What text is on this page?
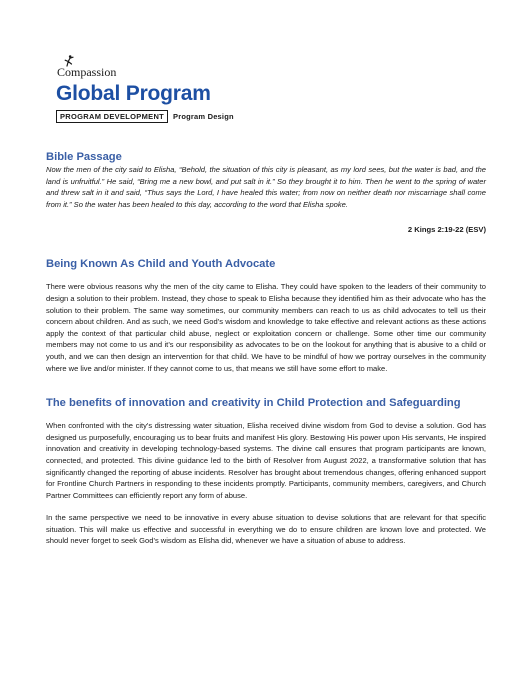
Compassion
Global Program
PROGRAM DEVELOPMENT	Program Design
Bible Passage

Now the men of the city said to Elisha, “Behold, the situation of this city is pleasant, as my lord sees, but the water is bad, and the land is unfruitful.” He said, “Bring me a new bowl, and put salt in it.” So they brought it to him. Then he went to the spring of water and threw salt in it and said, “Thus says the Lord, I have healed this water; from now on neither death nor miscarriage shall come from it.” So the water has been healed to this day, according to the word that Elisha spoke.

2 Kings 2:19-22 (ESV)

Being Known As Child and Youth Advocate

There were obvious reasons why the men of the city came to Elisha. They could have spoken to the leaders of their community to design a solution to their problem. Instead, they chose to speak to Elisha because they identified him as their advocate who has the solution to their problem. The same way sometimes, our community members can reach to us as child advocates to tell us their concern about children. And as such, we need God’s wisdom and knowledge to take effective and relevant actions as these actions apply the context of that particular child abuse, neglect or exploitation concern or challenge. Some other time our community members may not come to us and it’s our responsibility as advocates to be on the lookout for anything that is abusive to a child or youth, and we can then design an intervention for that child. We have to be mindful of how we portray ourselves in the community where we live and/or minister. If they cannot come to us, that means we still have some effort to make.

The benefits of innovation and creativity in Child Protection and Safeguarding

When confronted with the city's distressing water situation, Elisha received divine wisdom from God to devise a solution. God has designed us purposefully, encouraging us to bear fruits and manifest His glory. Bestowing His power upon His servants, He inspired innovation and creativity in developing technology-based systems. The divine call ensures that program participants are known, connected, and protected. This divine guidance led to the birth of Resolver from August 2022, a transformative solution that has significantly changed the reporting of abuse incidents. Resolver has brought about tremendous changes, offering enhanced support for Frontline Church Partners in responding to these incidents promptly. Participants, community members, caregivers, and Church Partner Committees can efficiently report any form of abuse.

In the same perspective we need to be innovative in every abuse situation to devise solutions that are relevant for that specific situation. This will make us effective and successful in everything we do to ensure children are known love and protected. We should never forget to seek God’s wisdom as Elisha did, whenever we have a situation of abuse to address.
